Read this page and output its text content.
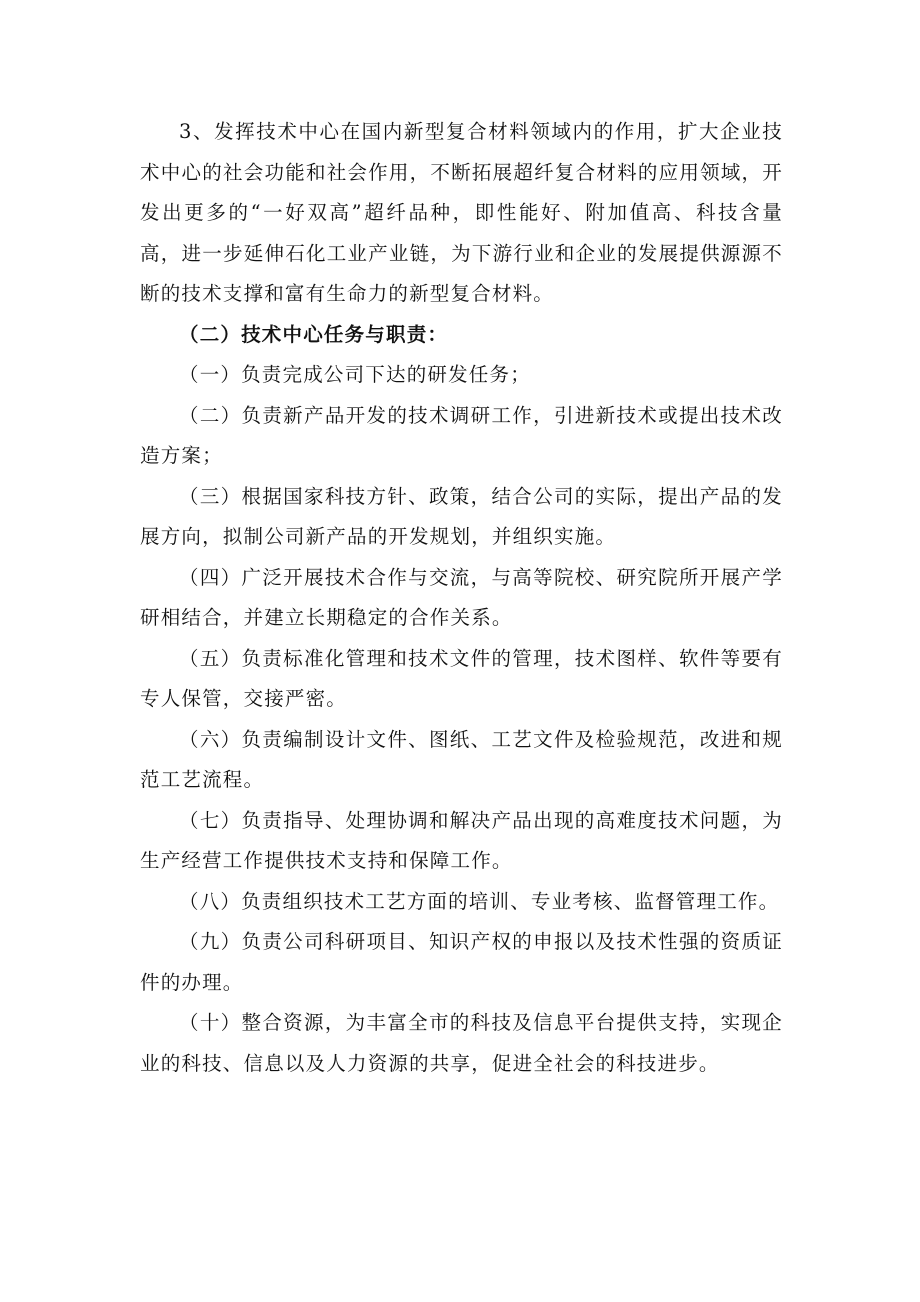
3、发挥技术中心在国内新型复合材料领域内的作用，扩大企业技术中心的社会功能和社会作用，不断拓展超纤复合材料的应用领域，开发出更多的“一好双高”超纤品种，即性能好、附加值高、科技含量高，进一步延伸石化工业产业链，为下游行业和企业的发展提供源源不断的技术支撑和富有生命力的新型复合材料。

（二）技术中心任务与职责：

（一）负责完成公司下达的研发任务；

（二）负责新产品开发的技术调研工作，引进新技术或提出技术改造方案；

（三）根据国家科技方针、政策，结合公司的实际，提出产品的发展方向，拟制公司新产品的开发规划，并组织实施。

（四）广泛开展技术合作与交流，与高等院校、研究院所开展产学研相结合，并建立长期稳定的合作关系。

（五）负责标准化管理和技术文件的管理，技术图样、软件等要有专人保管，交接严密。

（六）负责编制设计文件、图纸、工艺文件及检验规范，改进和规范工艺流程。

（七）负责指导、处理协调和解决产品出现的高难度技术问题，为生产经营工作提供技术支持和保障工作。

（八）负责组织技术工艺方面的培训、专业考核、监督管理工作。

（九）负责公司科研项目、知识产权的申报以及技术性强的资质证件的办理。

（十）整合资源，为丰富全市的科技及信息平台提供支持，实现企业的科技、信息以及人力资源的共享，促进全社会的科技进步。
